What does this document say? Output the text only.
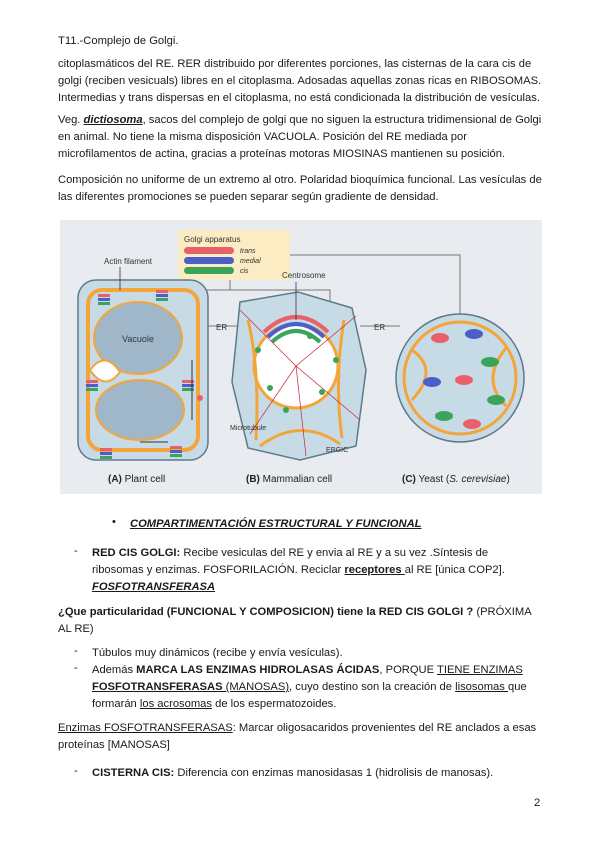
T11.-Complejo de Golgi.

citoplasmáticos del RE. RER distribuido por diferentes porciones, las cisternas de la cara cis de golgi (reciben vesicuals) libres en el citoplasma. Adosadas aquellas zonas ricas en RIBOSOMAS. Intermedias y trans dispersas en el citoplasma, no está condicionada la distribución de vesículas.

Veg. dictiosoma, sacos del complejo de golgi que no siguen la estructura tridimensional de Golgi en animal. No tiene la misma disposición VACUOLA. Posición del RE mediada por microfilamentos de actina, gracias a proteínas motoras MIOSINAS mantienen su posición.

Composición no uniforme de un extremo al otro. Polaridad bioquímica funcional. Las vesículas de las diferentes promociones se pueden separar según gradiente de densidad.

Golgi apparatus
trans
medial
cis
Actin filament
Vacuole
ER	ER
Centrosome
Microtubule
ERGIC
(A) Plant cell	(B) Mammalian cell	(C) Yeast (S. cerevisiae)
• COMPARTIMENTACIÓN ESTRUCTURAL Y FUNCIONAL

- RED CIS GOLGI: Recibe vesiculas del RE y envia al RE y a su vez .Síntesis de ribosomas y enzimas. FOSFORILACIÓN. Reciclar receptores al RE [única COP2].
FOSFOTRANSFERASA

¿Que particularidad (FUNCIONAL Y COMPOSICION) tiene la RED CIS GOLGI ? (PRÓXIMA AL RE)

- Túbulos muy dinámicos (recibe y envía vesículas).

- Además MARCA LAS ENZIMAS HIDROLASAS ÁCIDAS, PORQUE TIENE ENZIMAS
FOSFOTRANSFERASAS (MANOSAS), cuyo destino son la creación de lisosomas que formarán los acrosomas de los espermatozoides.

Enzimas FOSFOTRANSFERASAS: Marcar oligosacaridos provenientes del RE anclados a esas proteínas [MANOSAS]

- CISTERNA CIS: Diferencia con enzimas manosidasas 1 (hidrolisis de manosas).

2
